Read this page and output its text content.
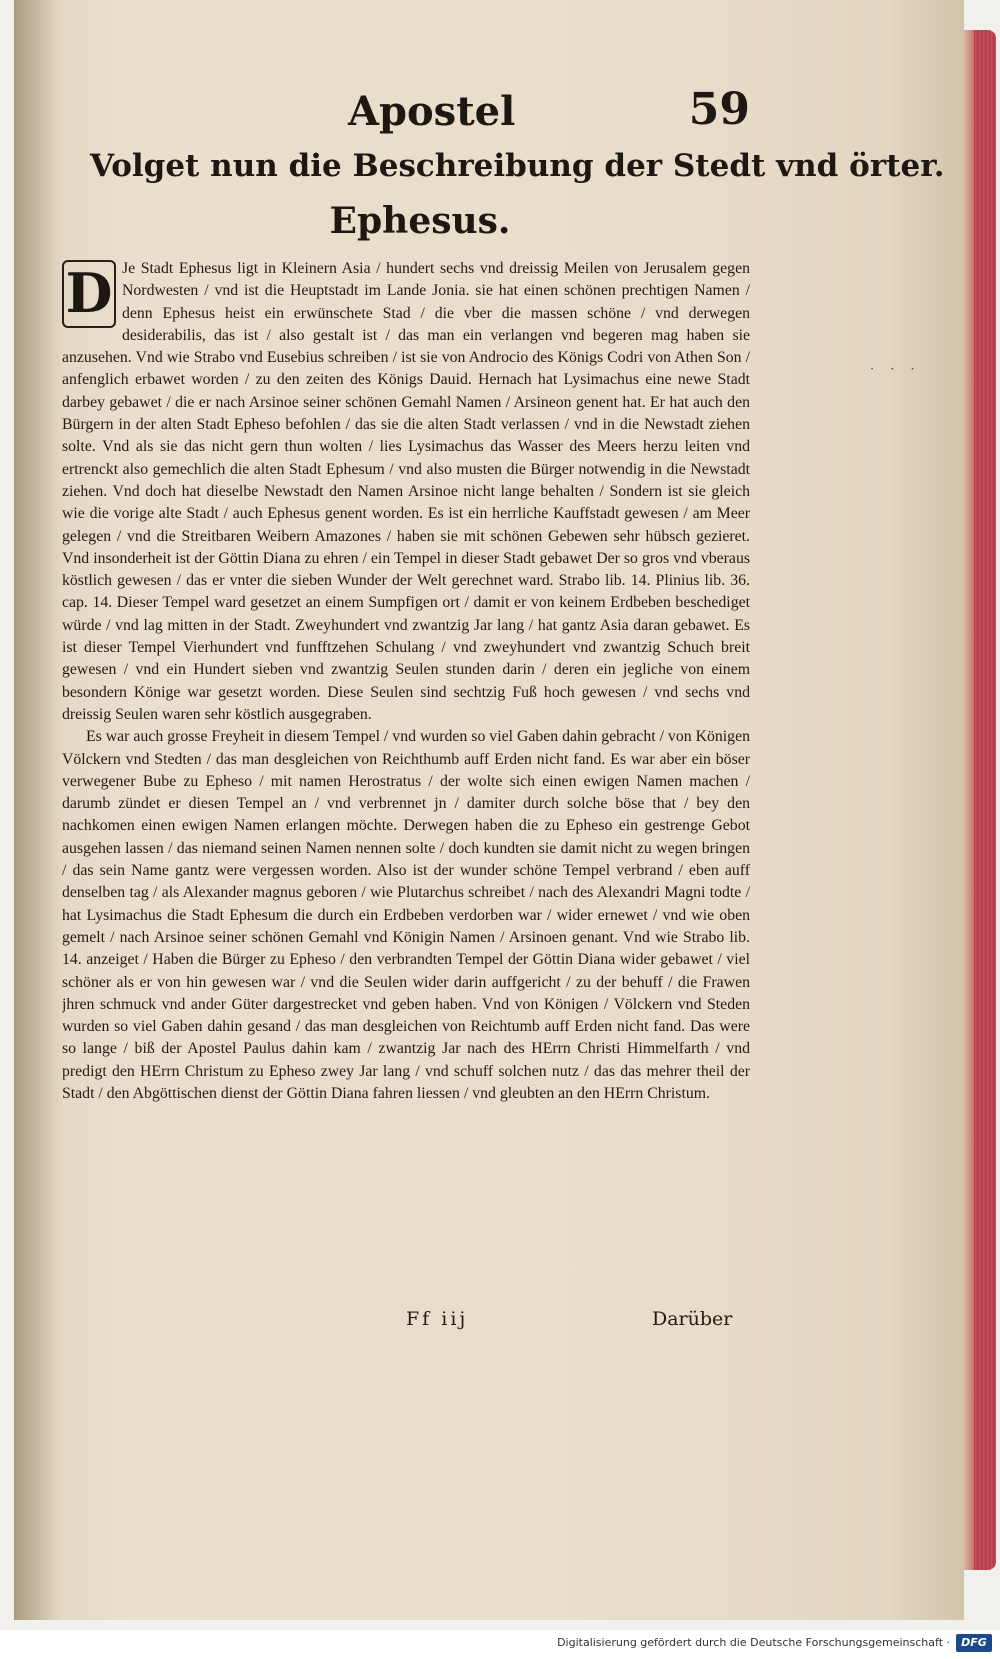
· · ·
Apostel	59
Volget nun die Beschreibung der Stedt vnd örter.
Ephesus.

D Je Stadt Ephesus ligt in Kleinern Asia / hundert sechs vnd dreissig Meilen von Jerusalem gegen Nordwesten / vnd ist die Heuptstadt im Lande Jonia. sie hat einen schönen prechtigen Namen / denn Ephesus heist ein erwünschete Stad / die vber die massen schöne / vnd derwegen desiderabilis, das ist / also gestalt ist / das man ein verlangen vnd begeren mag haben sie anzusehen. Vnd wie Strabo vnd Eusebius schreiben / ist sie von Androcio des Königs Codri von Athen Son / anfenglich erbawet worden / zu den zeiten des Königs Dauid. Hernach hat Lysimachus eine newe Stadt darbey gebawet / die er nach Arsinoe seiner schönen Gemahl Namen / Arsineon genent hat. Er hat auch den Bürgern in der alten Stadt Epheso befohlen / das sie die alten Stadt verlassen / vnd in die Newstadt ziehen solte. Vnd als sie das nicht gern thun wolten / lies Lysimachus das Wasser des Meers herzu leiten vnd ertrenckt also gemechlich die alten Stadt Ephesum / vnd also musten die Bürger notwendig in die Newstadt ziehen. Vnd doch hat dieselbe Newstadt den Namen Arsinoe nicht lange behalten / Sondern ist sie gleich wie die vorige alte Stadt / auch Ephesus genent worden. Es ist ein herrliche Kauffstadt gewesen / am Meer gelegen / vnd die Streitbaren Weibern Amazones / haben sie mit schönen Gebewen sehr hübsch gezieret. Vnd insonderheit ist der Göttin Diana zu ehren / ein Tempel in dieser Stadt gebawet Der so gros vnd vberaus köstlich gewesen / das er vnter die sieben Wunder der Welt gerechnet ward. Strabo lib. 14. Plinius lib. 36. cap. 14. Dieser Tempel ward gesetzet an einem Sumpfigen ort / damit er von keinem Erdbeben beschediget würde / vnd lag mitten in der Stadt. Zweyhundert vnd zwantzig Jar lang / hat gantz Asia daran gebawet. Es ist dieser Tempel Vierhundert vnd funfftzehen Schulang / vnd zweyhundert vnd zwantzig Schuch breit gewesen / vnd ein Hundert sieben vnd zwantzig Seulen stunden darin / deren ein jegliche von einem besondern Könige war gesetzt worden. Diese Seulen sind sechtzig Fuß hoch gewesen / vnd sechs vnd dreissig Seulen waren sehr köstlich ausgegraben.

Es war auch grosse Freyheit in diesem Tempel / vnd wurden so viel Gaben dahin gebracht / von Königen Völckern vnd Stedten / das man desgleichen von Reichthumb auff Erden nicht fand. Es war aber ein böser verwegener Bube zu Epheso / mit namen Herostratus / der wolte sich einen ewigen Namen machen / darumb zündet er diesen Tempel an / vnd verbrennet jn / damiter durch solche böse that / bey den nachkomen einen ewigen Namen erlangen möchte. Derwegen haben die zu Epheso ein gestrenge Gebot ausgehen lassen / das niemand seinen Namen nennen solte / doch kundten sie damit nicht zu wegen bringen / das sein Name gantz were vergessen worden. Also ist der wunder schöne Tempel verbrand / eben auff denselben tag / als Alexander magnus geboren / wie Plutarchus schreibet / nach des Alexandri Magni todte / hat Lysimachus die Stadt Ephesum die durch ein Erdbeben verdorben war / wider ernewet / vnd wie oben gemelt / nach Arsinoe seiner schönen Gemahl vnd Königin Namen / Arsinoen genant. Vnd wie Strabo lib. 14. anzeiget / Haben die Bürger zu Epheso / den verbrandten Tempel der Göttin Diana wider gebawet / viel schöner als er von hin gewesen war / vnd die Seulen wider darin auffgericht / zu der behuff / die Frawen jhren schmuck vnd ander Güter dargestrecket vnd geben haben. Vnd von Königen / Völckern vnd Steden wurden so viel Gaben dahin gesand / das man desgleichen von Reichtumb auff Erden nicht fand. Das were so lange / biß der Apostel Paulus dahin kam / zwantzig Jar nach des HErrn Christi Himmelfarth / vnd predigt den HErrn Christum zu Epheso zwey Jar lang / vnd schuff solchen nutz / das das mehrer theil der Stadt / den Abgöttischen dienst der Göttin Diana fahren liessen / vnd gleubten an den HErrn Christum.

Ff iij	Darüber
Digitalisierung gefördert durch die Deutsche Forschungsgemeinschaft ·	DFG
